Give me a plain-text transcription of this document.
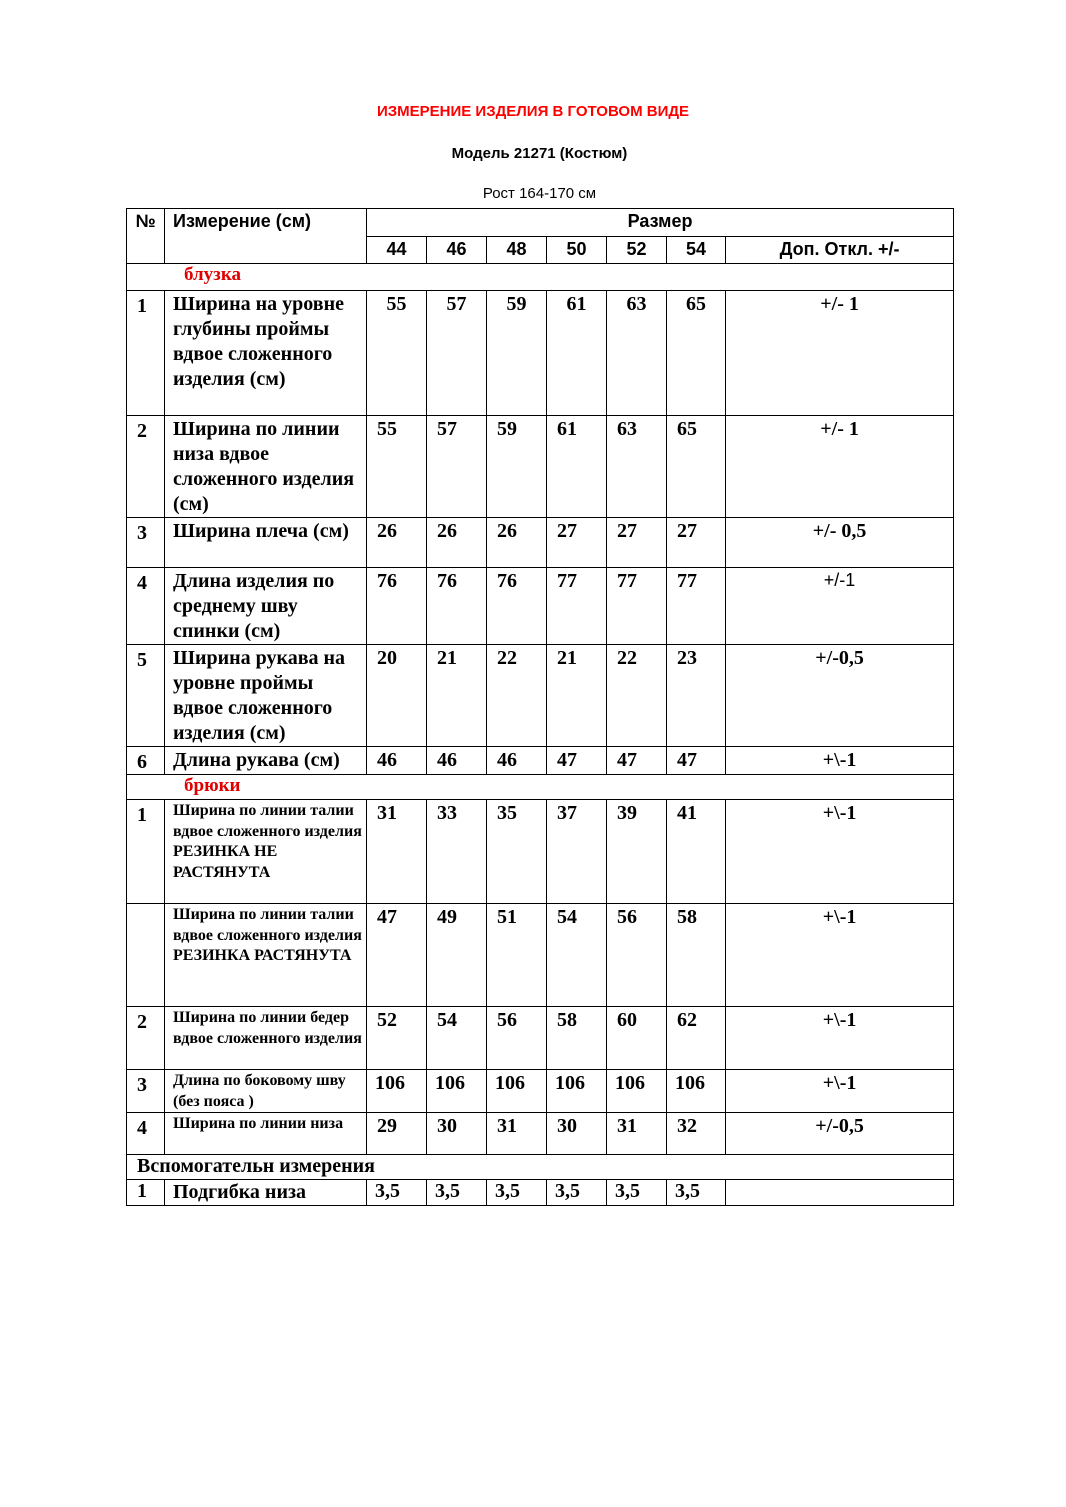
ИЗМЕРЕНИЕ ИЗДЕЛИЯ В ГОТОВОМ ВИДЕ
Модель 21271 (Костюм)
Рост 164-170 см
№	Измерение (см)	Размер						
		44	46	48	50	52	54	Доп. Откл. +/-
блузка								
1	Ширина на уровне глубины проймы вдвое сложенного изделия (см)	55	57	59	61	63	65	+/- 1
2	Ширина по линии низа вдвое сложенного изделия (см)	55	57	59	61	63	65	+/- 1
3	Ширина плеча (см)	26	26	26	27	27	27	+/- 0,5
4	Длина изделия по среднему шву спинки (см)	76	76	76	77	77	77	+/-1
5	Ширина рукава на уровне проймы вдвое сложенного изделия (см)	20	21	22	21	22	23	+/-0,5
6	Длина рукава (см)	46	46	46	47	47	47	+\-1
брюки								
1	Ширина по линии талии вдвое сложенного изделия РЕЗИНКА НЕ РАСТЯНУТА	31	33	35	37	39	41	+\-1
	Ширина по линии талии вдвое сложенного изделия РЕЗИНКА РАСТЯНУТА	47	49	51	54	56	58	+\-1
2	Ширина по линии бедер вдвое сложенного изделия	52	54	56	58	60	62	+\-1
3	Длина по боковому шву (без пояса )	106	106	106	106	106	106	+\-1
4	Ширина по линии низа	29	30	31	30	31	32	+/-0,5
Вспомогательн измерения								
1	Подгибка низа	3,5	3,5	3,5	3,5	3,5	3,5	
